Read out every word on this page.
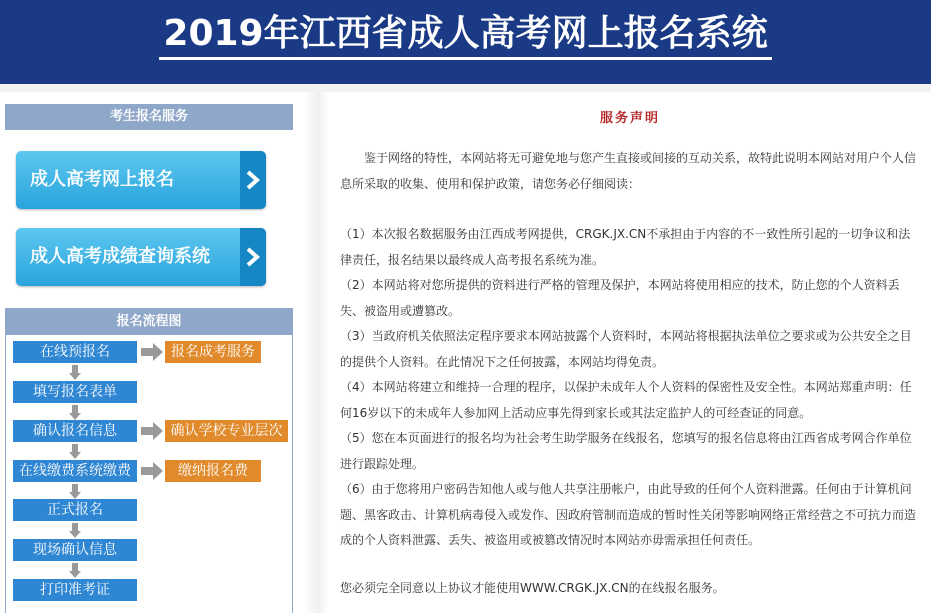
2019年江西省成人高考网上报名系统
考生报名服务
成人高考网上报名
成人高考成绩查询系统
报名流程图
在线预报名	报名成考服务
填写报名表单
确认报名信息	确认学校专业层次
在线缴费系统缴费	缴纳报名费
正式报名
现场确认信息
打印准考证
服务声明

鉴于网络的特性，本网站将无可避免地与您产生直接或间接的互动关系，故特此说明本网站对用户个人信息所采取的收集、使用和保护政策，请您务必仔细阅读：

（1）本次报名数据服务由江西成考网提供，CRGK.JX.CN不承担由于内容的不一致性所引起的一切争议和法律责任，报名结果以最终成人高考报名系统为准。

（2）本网站将对您所提供的资料进行严格的管理及保护，本网站将使用相应的技术，防止您的个人资料丢失、被盗用或遭篡改。

（3）当政府机关依照法定程序要求本网站披露个人资料时，本网站将根据执法单位之要求或为公共安全之目的提供个人资料。在此情况下之任何披露，本网站均得免责。

（4）本网站将建立和维持一合理的程序，以保护未成年人个人资料的保密性及安全性。本网站郑重声明：任何16岁以下的未成年人参加网上活动应事先得到家长或其法定监护人的可经查证的同意。

（5）您在本页面进行的报名均为社会考生助学服务在线报名，您填写的报名信息将由江西省成考网合作单位进行跟踪处理。

（6）由于您将用户密码告知他人或与他人共享注册帐户，由此导致的任何个人资料泄露。任何由于计算机问题、黑客政击、计算机病毒侵入或发作、因政府管制而造成的暂时性关闭等影响网络正常经营之不可抗力而造成的个人资料泄露、丢失、被盗用或被篡改情况时本网站亦毋需承担任何责任。

您必须完全同意以上协议才能使用WWW.CRGK.JX.CN的在线报名服务。
